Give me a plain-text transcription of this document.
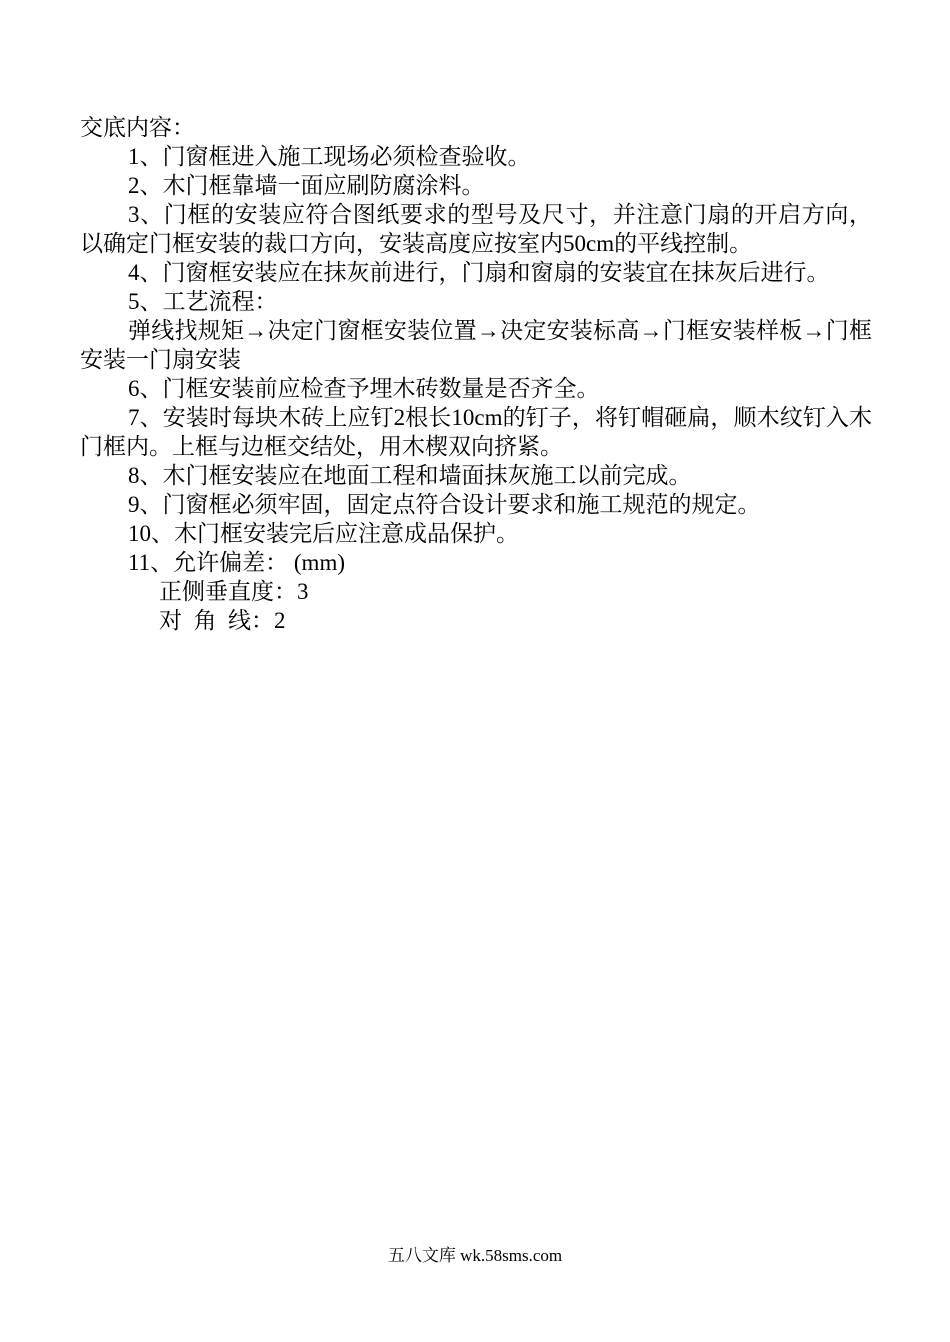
交底内容：

1、门窗框进入施工现场必须检查验收。

2、木门框靠墙一面应刷防腐涂料。

3、门框的安装应符合图纸要求的型号及尺寸，并注意门扇的开启方向，以确定门框安装的裁口方向，安装高度应按室内50cm的平线控制。

4、门窗框安装应在抹灰前进行，门扇和窗扇的安装宜在抹灰后进行。

5、工艺流程：

弹线找规矩→决定门窗框安装位置→决定安装标高→门框安装样板→门框安装一门扇安装

6、门框安装前应检查予埋木砖数量是否齐全。

7、安装时每块木砖上应钉2根长10cm的钉子，将钉帽砸扁，顺木纹钉入木门框内。上框与边框交结处，用木楔双向挤紧。

8、木门框安装应在地面工程和墙面抹灰施工以前完成。

9、门窗框必须牢固，固定点符合设计要求和施工规范的规定。

10、木门框安装完后应注意成品保护。

11、允许偏差： (mm)

正侧垂直度：3

对  角  线：2

五八文库 wk.58sms.com
